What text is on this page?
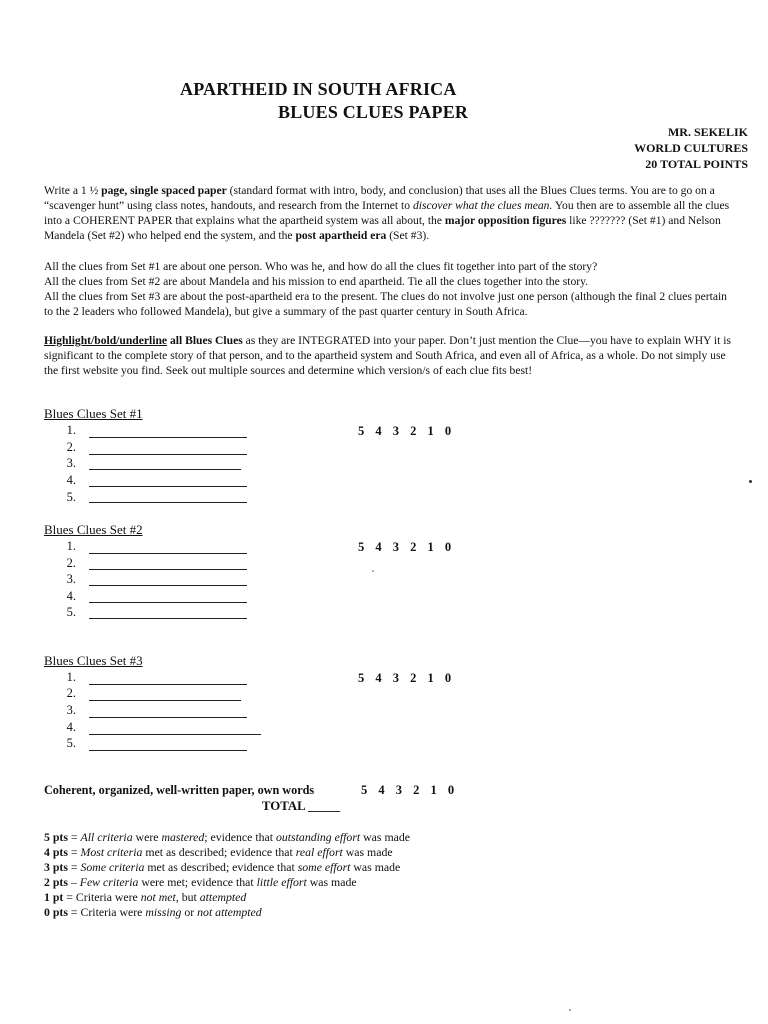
APARTHEID IN SOUTH AFRICA
BLUES CLUES PAPER
MR. SEKELIK
WORLD CULTURES
20 TOTAL POINTS
Write a 1 ½ page, single spaced paper (standard format with intro, body, and conclusion) that uses all the Blues Clues terms. You are to go on a “scavenger hunt” using class notes, handouts, and research from the Internet to discover what the clues mean. You then are to assemble all the clues into a COHERENT PAPER that explains what the apartheid system was all about, the major opposition figures like ??????? (Set #1) and Nelson Mandela (Set #2) who helped end the system, and the post apartheid era (Set #3).
All the clues from Set #1 are about one person. Who was he, and how do all the clues fit together into part of the story?
All the clues from Set #2 are about Mandela and his mission to end apartheid. Tie all the clues together into the story.
All the clues from Set #3 are about the post-apartheid era to the present. The clues do not involve just one person (although the final 2 clues pertain to the 2 leaders who followed Mandela), but give a summary of the past quarter century in South Africa.
Highlight/bold/underline all Blues Clues as they are INTEGRATED into your paper. Don’t just mention the Clue—you have to explain WHY it is significant to the complete story of that person, and to the apartheid system and South Africa, and even all of Africa, as a whole. Do not simply use the first website you find. Seek out multiple sources and determine which version/s of each clue fits best!
Blues Clues Set #1
5 4 3 2 1 0
1.
2.
3.
4.
5.
Blues Clues Set #2
5 4 3 2 1 0
1.
2.
3.
4.
5.
Blues Clues Set #3
5 4 3 2 1 0
1.
2.
3.
4.
5.
Coherent, organized, well-written paper, own words	5 4 3 2 1 0
TOTAL _____
5 pts = All criteria were mastered; evidence that outstanding effort was made
4 pts = Most criteria met as described; evidence that real effort was made
3 pts = Some criteria met as described; evidence that some effort was made
2 pts – Few criteria were met; evidence that little effort was made
1 pt = Criteria were not met, but attempted
0 pts = Criteria were missing or not attempted
